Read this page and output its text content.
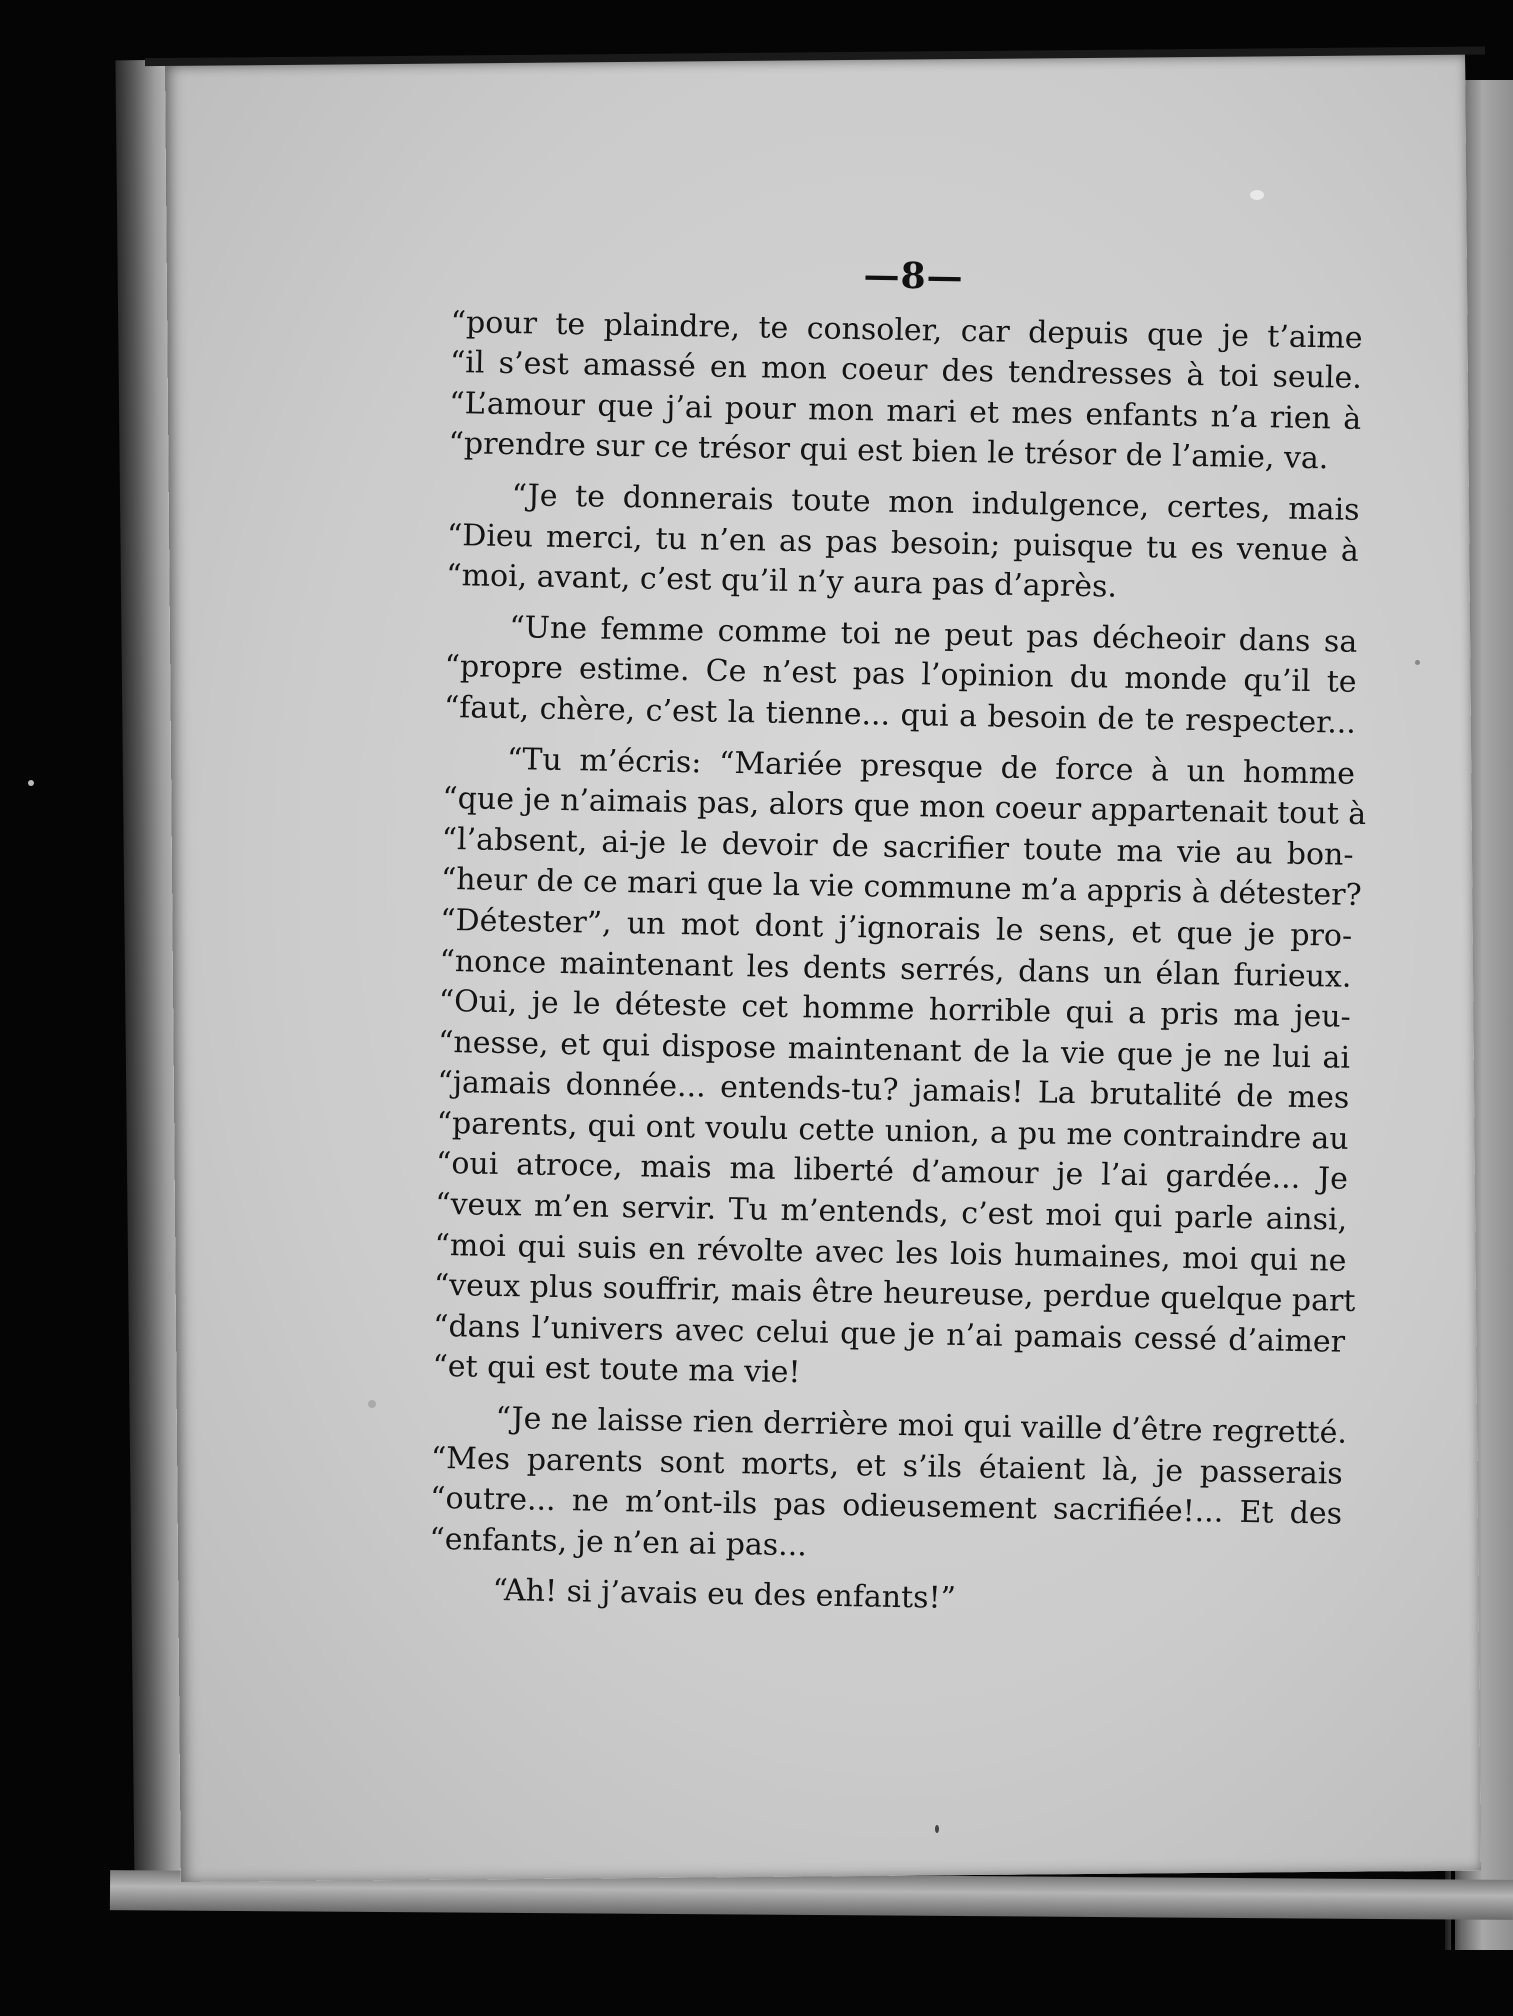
—8—

“pour te plaindre, te consoler, car depuis que je t’aime
“il s’est amassé en mon coeur des tendresses à toi seule.
“L’amour que j’ai pour mon mari et mes enfants n’a rien à
“prendre sur ce trésor qui est bien le trésor de l’amie, va.

“Je te donnerais toute mon indulgence, certes, mais
“Dieu merci, tu n’en as pas besoin; puisque tu es venue à
“moi, avant, c’est qu’il n’y aura pas d’après.

“Une femme comme toi ne peut pas décheoir dans sa
“propre estime. Ce n’est pas l’opinion du monde qu’il te
“faut, chère, c’est la tienne... qui a besoin de te respecter...

“Tu m’écris: “Mariée presque de force à un homme
“que je n’aimais pas, alors que mon coeur appartenait tout à
“l’absent, ai-je le devoir de sacrifier toute ma vie au bon-
“heur de ce mari que la vie commune m’a appris à détester?
“Détester”, un mot dont j’ignorais le sens, et que je pro-
“nonce maintenant les dents serrés, dans un élan furieux.
“Oui, je le déteste cet homme horrible qui a pris ma jeu-
“nesse, et qui dispose maintenant de la vie que je ne lui ai
“jamais donnée... entends-tu? jamais! La brutalité de mes
“parents, qui ont voulu cette union, a pu me contraindre au
“oui atroce, mais ma liberté d’amour je l’ai gardée... Je
“veux m’en servir. Tu m’entends, c’est moi qui parle ainsi,
“moi qui suis en révolte avec les lois humaines, moi qui ne
“veux plus souffrir, mais être heureuse, perdue quelque part
“dans l’univers avec celui que je n’ai pamais cessé d’aimer
“et qui est toute ma vie!

“Je ne laisse rien derrière moi qui vaille d’être regretté.
“Mes parents sont morts, et s’ils étaient là, je passerais
“outre... ne m’ont-ils pas odieusement sacrifiée!... Et des
“enfants, je n’en ai pas...

“Ah! si j’avais eu des enfants!”
